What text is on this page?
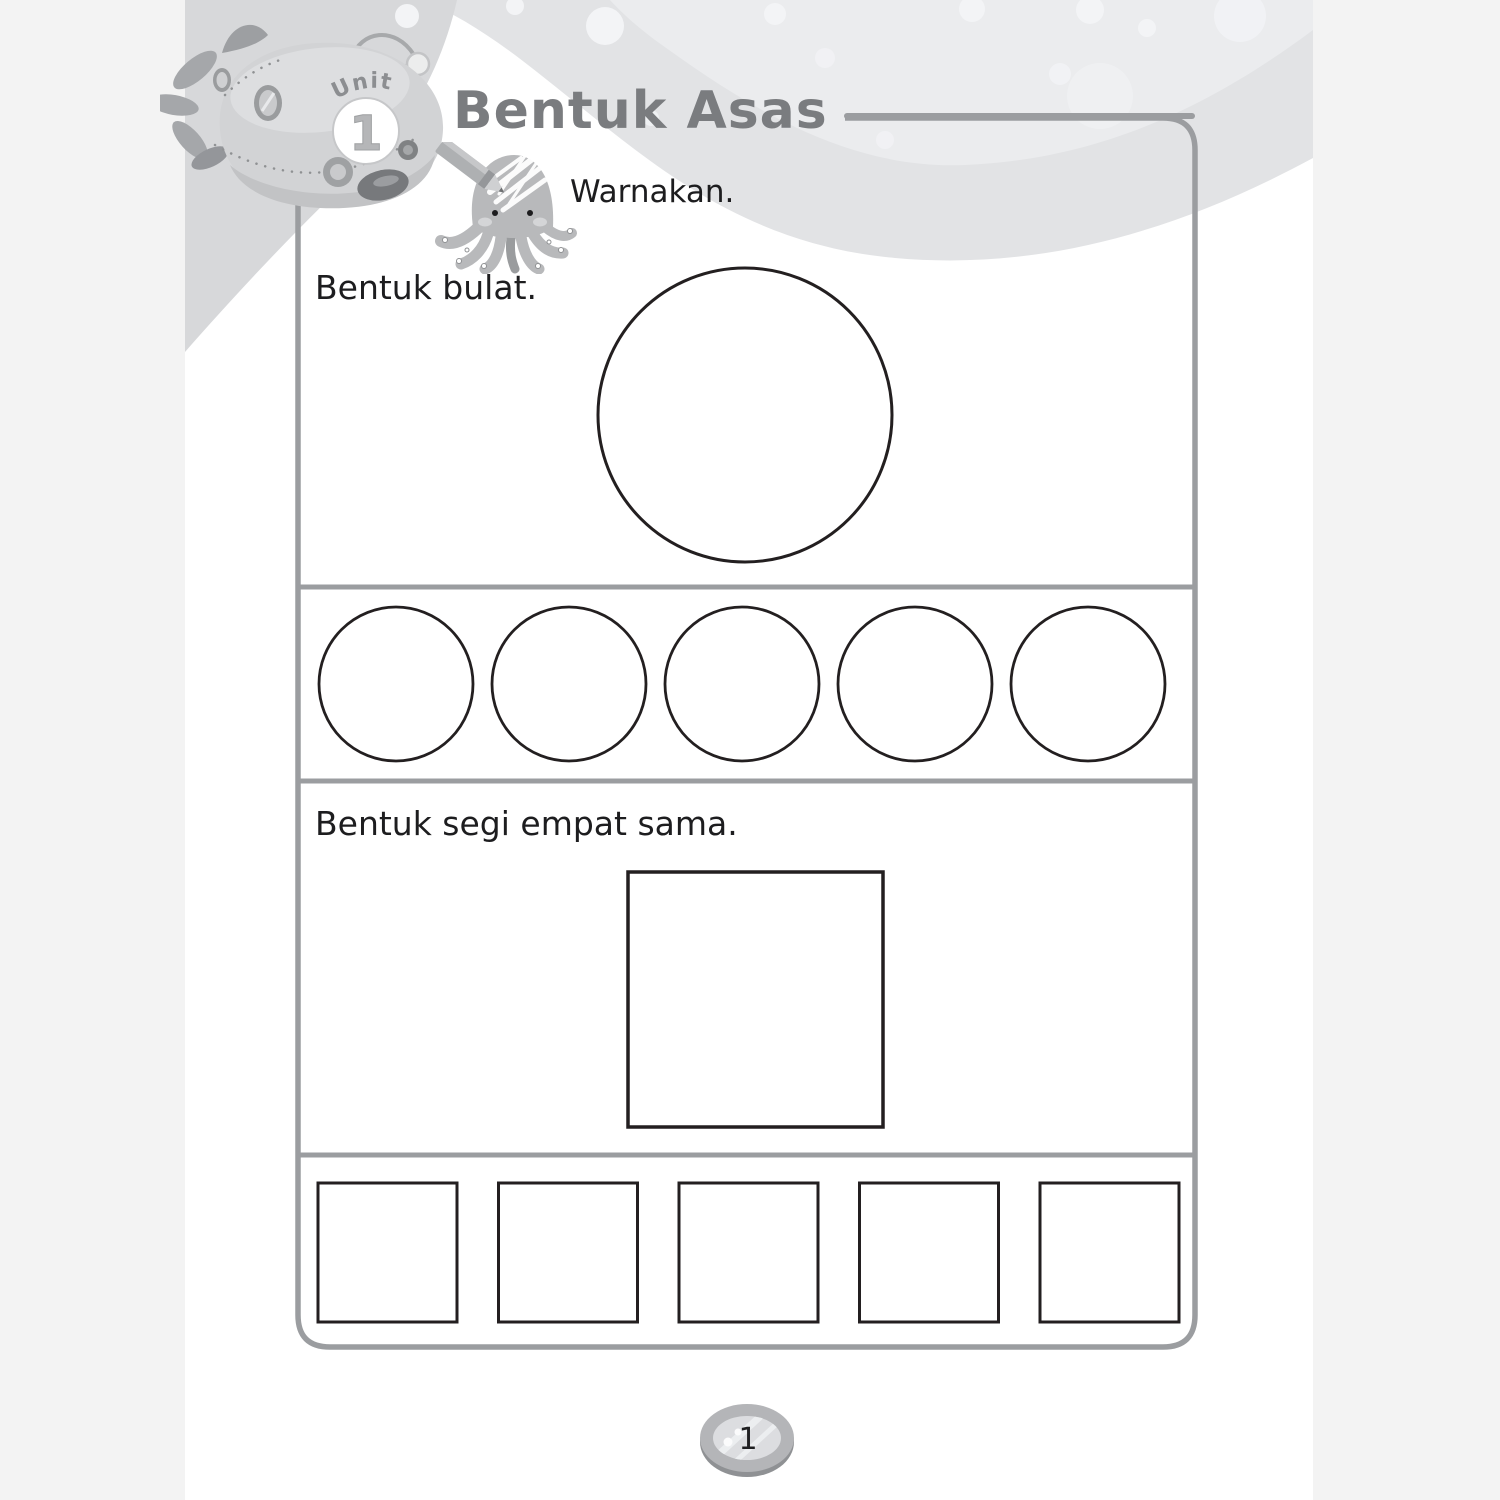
Unit
1 Bentuk Asas
Warnakan.
Bentuk bulat.
Bentuk segi empat sama.
1
